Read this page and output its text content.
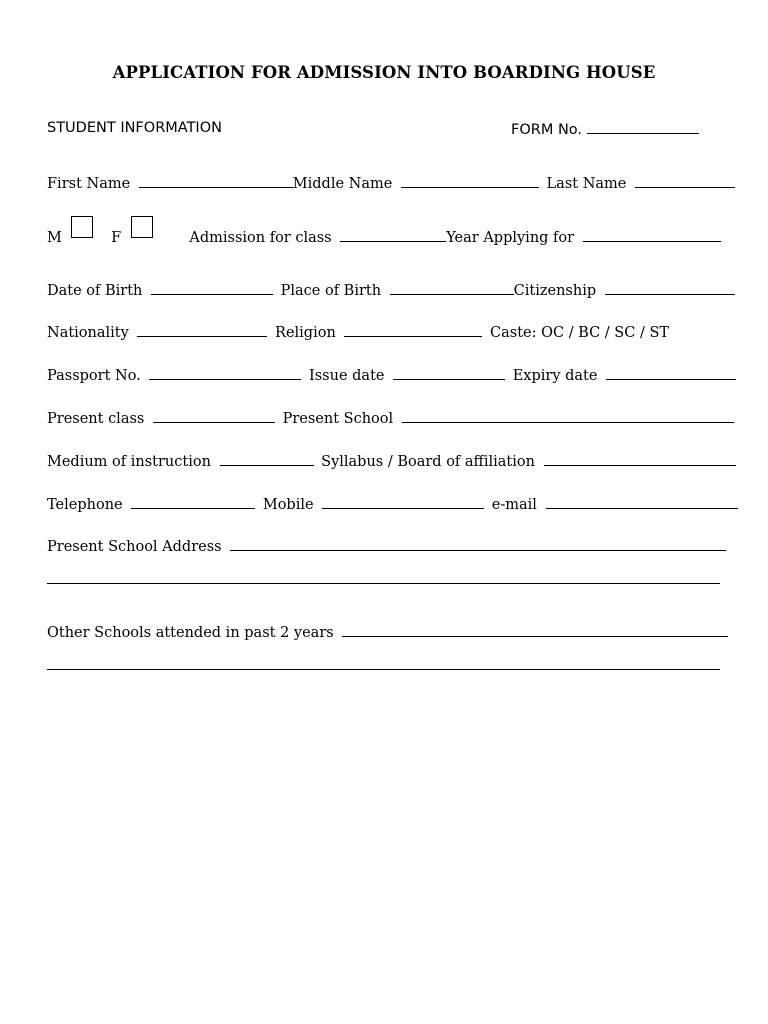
APPLICATION FOR ADMISSION INTO BOARDING HOUSE
STUDENT INFORMATION	FORM No.
First Name	Middle Name	Last Name
M	F	Admission for class	Year Applying for
Date of Birth	Place of Birth	Citizenship
Nationality	Religion	Caste: OC / BC / SC / ST
Passport No.	Issue date	Expiry date
Present class	Present School
Medium of instruction	Syllabus / Board of affiliation
Telephone	Mobile	e-mail
Present School Address
Other Schools attended in past 2 years
